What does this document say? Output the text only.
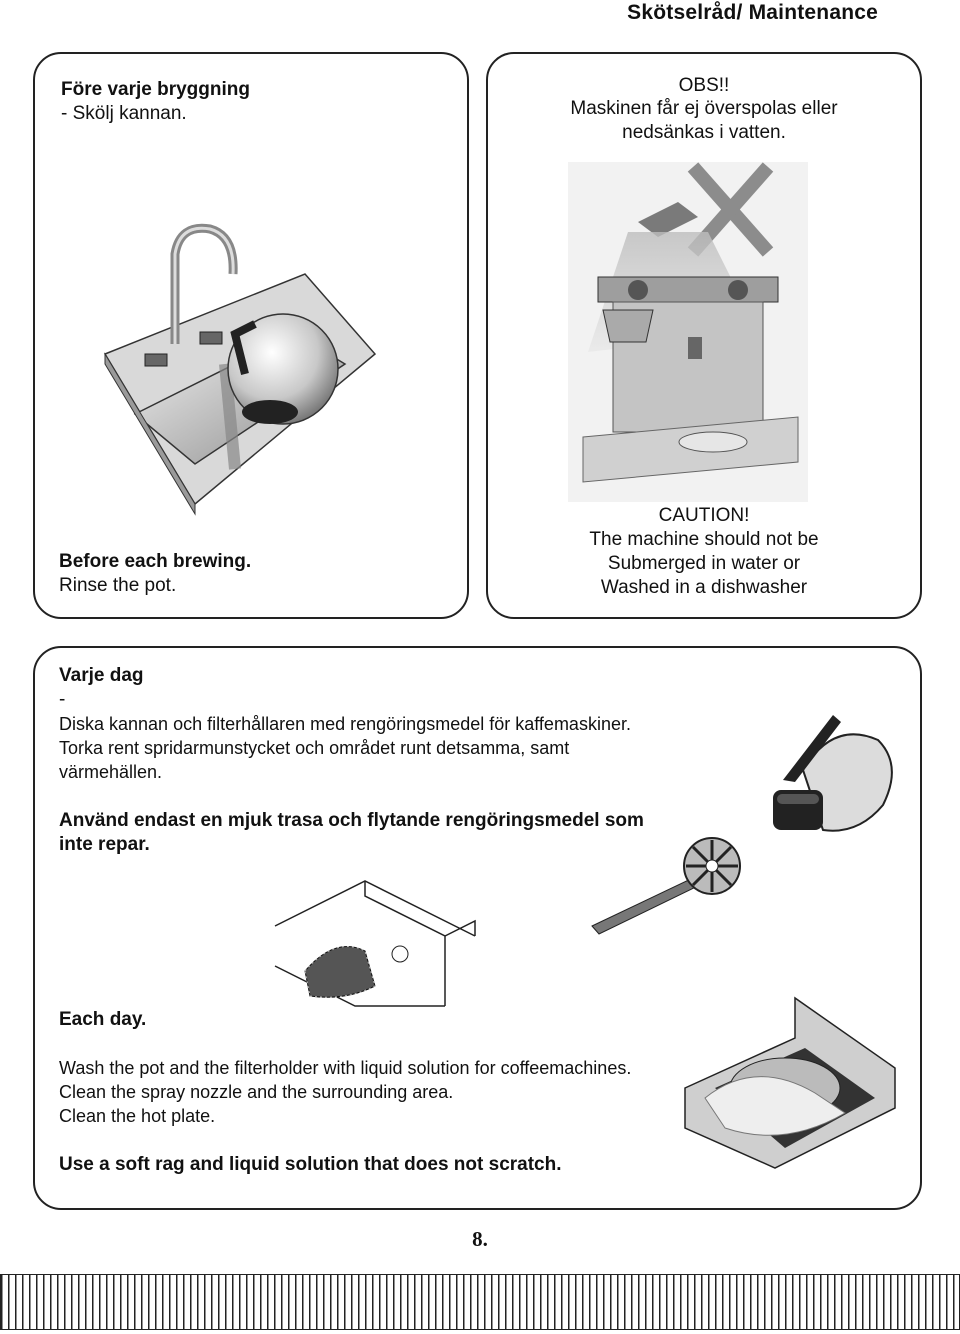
Skötselråd/ Maintenance
Före varje bryggning
- Skölj kannan.
Before each brewing.
Rinse the pot.
OBS!!
Maskinen får ej överspolas eller
nedsänkas i vatten.
CAUTION!
The machine should not be
Submerged in water or
Washed in a dishwasher
Varje dag
-
Diska kannan och filterhållaren med rengöringsmedel för kaffemaskiner.
Torka rent spridarmunstycket och området runt detsamma, samt
värmehällen.
Använd endast en mjuk trasa och flytande rengöringsmedel som
inte repar.
Each day.
Wash the pot and the filterholder with liquid solution for coffeemachines.
Clean the spray nozzle and the surrounding area.
Clean the hot plate.
Use a soft rag and liquid solution that does not scratch.
8.
